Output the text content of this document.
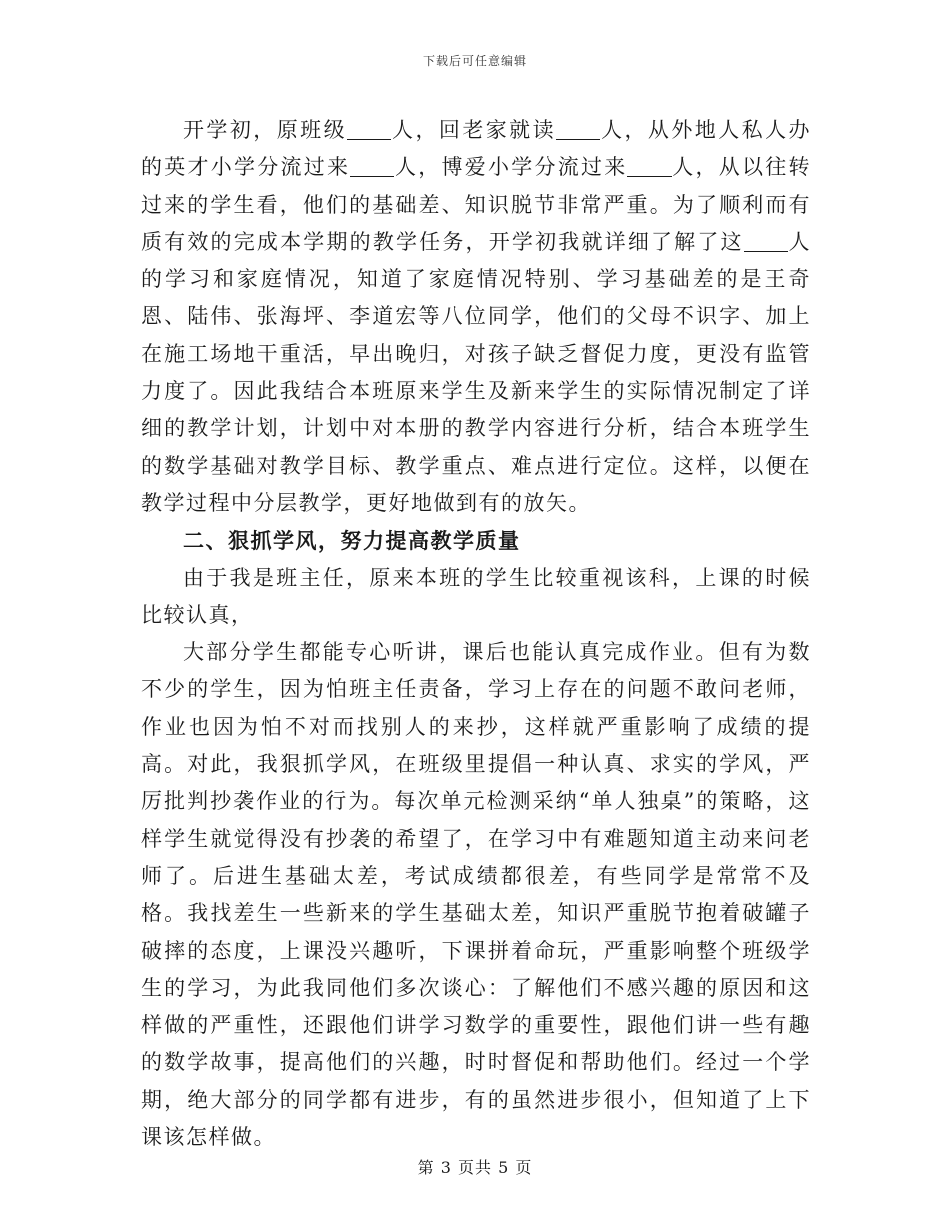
下载后可任意编辑

开学初，原班级 人，回老家就读 人，从外地人私人办的英才小学分流过来 人，博爱小学分流过来 人，从以往转过来的学生看，他们的基础差、知识脱节非常严重。为了顺利而有质有效的完成本学期的教学任务，开学初我就详细了解了这 人的学习和家庭情况，知道了家庭情况特别、学习基础差的是王奇恩、陆伟、张海坪、李道宏等八位同学，他们的父母不识字、加上在施工场地干重活，早出晚归，对孩子缺乏督促力度，更没有监管力度了。因此我结合本班原来学生及新来学生的实际情况制定了详细的教学计划，计划中对本册的教学内容进行分析，结合本班学生的数学基础对教学目标、教学重点、难点进行定位。这样，以便在教学过程中分层教学，更好地做到有的放矢。

二、狠抓学风，努力提高教学质量

由于我是班主任，原来本班的学生比较重视该科，上课的时候比较认真，

大部分学生都能专心听讲，课后也能认真完成作业。但有为数不少的学生，因为怕班主任责备，学习上存在的问题不敢问老师，作业也因为怕不对而找别人的来抄，这样就严重影响了成绩的提高。对此，我狠抓学风，在班级里提倡一种认真、求实的学风，严厉批判抄袭作业的行为。每次单元检测采纳“单人独桌”的策略，这样学生就觉得没有抄袭的希望了，在学习中有难题知道主动来问老师了。后进生基础太差，考试成绩都很差，有些同学是常常不及格。我找差生一些新来的学生基础太差，知识严重脱节抱着破罐子破摔的态度，上课没兴趣听，下课拼着命玩，严重影响整个班级学生的学习，为此我同他们多次谈心：了解他们不感兴趣的原因和这样做的严重性，还跟他们讲学习数学的重要性，跟他们讲一些有趣的数学故事，提高他们的兴趣，时时督促和帮助他们。经过一个学期，绝大部分的同学都有进步，有的虽然进步很小，但知道了上下课该怎样做。

第 3 页共 5 页
